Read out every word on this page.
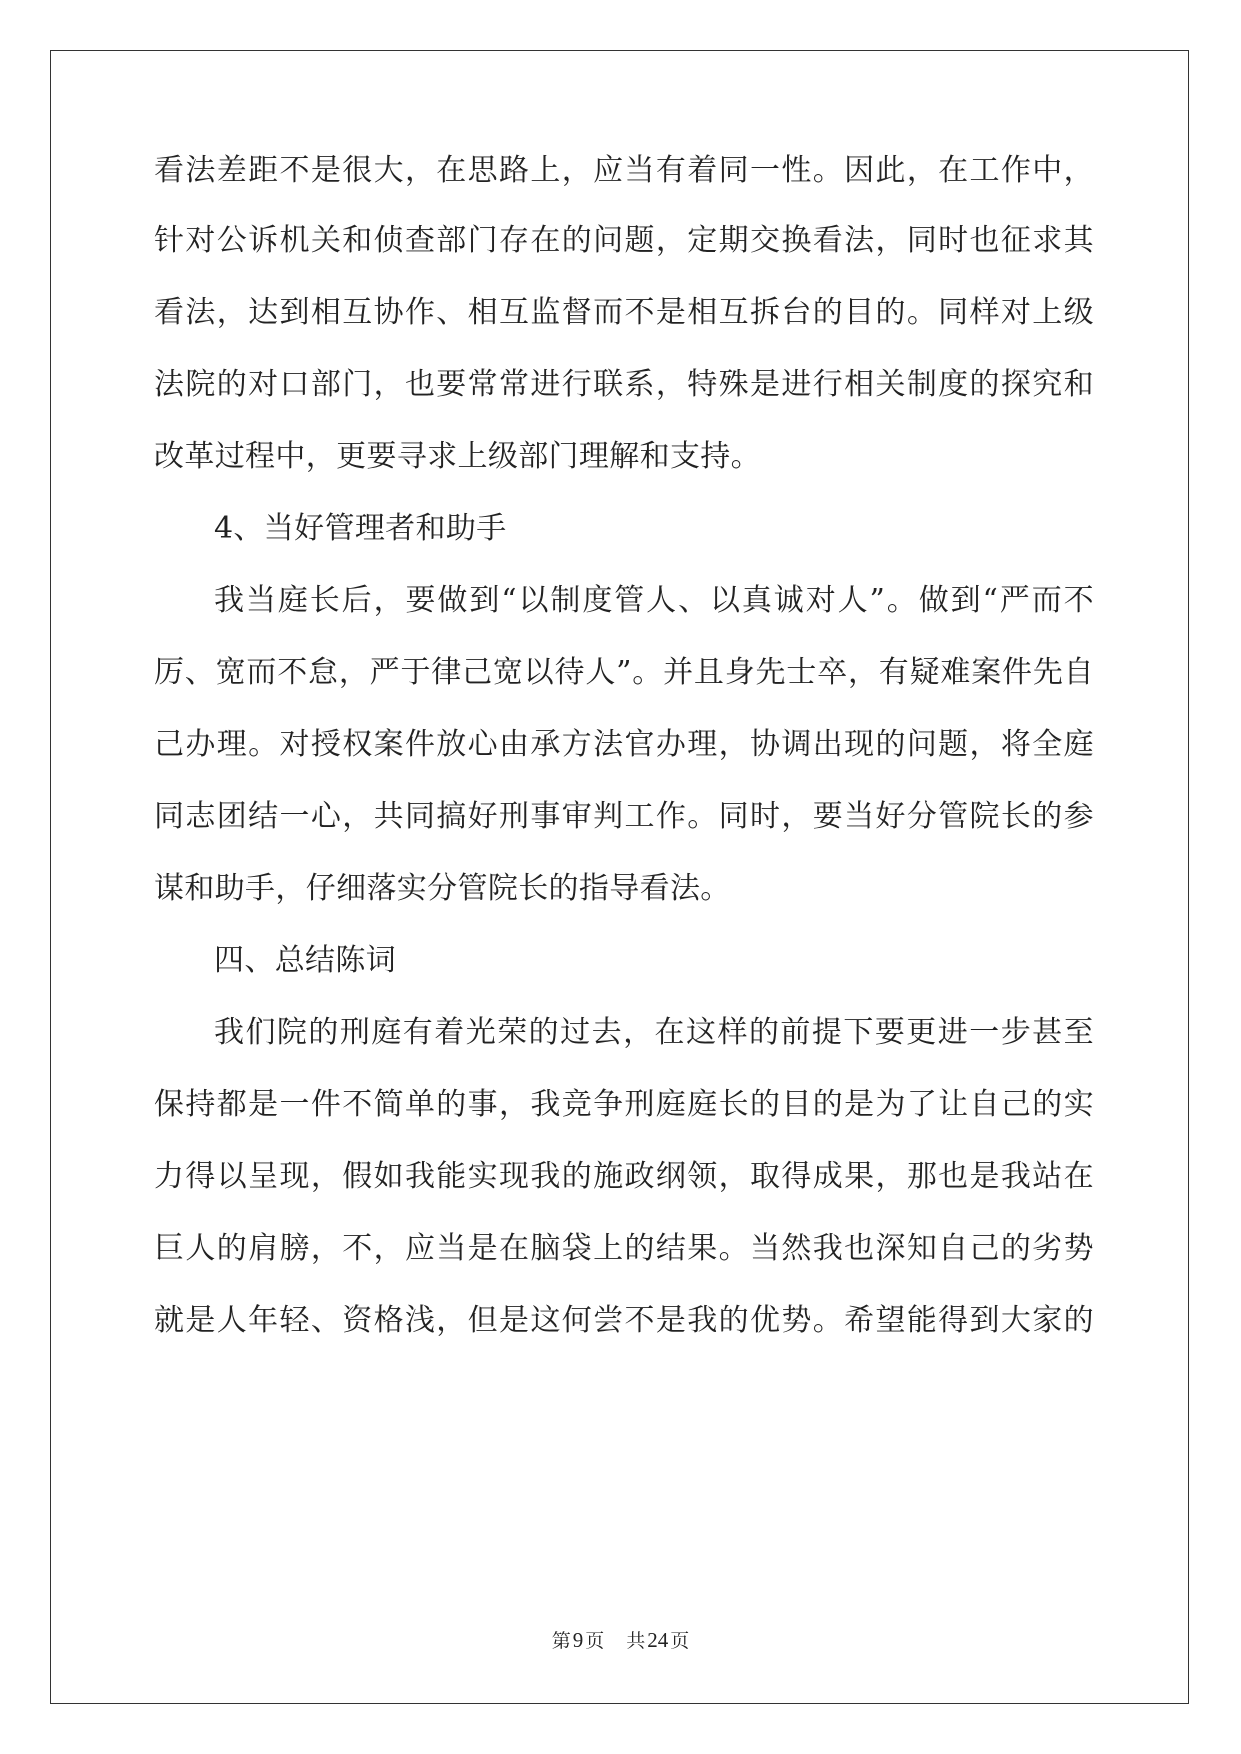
看法差距不是很大，在思路上，应当有着同一性。因此，在工作中，
针对公诉机关和侦查部门存在的问题，定期交换看法，同时也征求其
看法，达到相互协作、相互监督而不是相互拆台的目的。同样对上级
法院的对口部门，也要常常进行联系，特殊是进行相关制度的探究和
改革过程中，更要寻求上级部门理解和支持。
4、当好管理者和助手
我当庭长后，要做到“以制度管人、以真诚对人”。做到“严而不
厉、宽而不怠，严于律己宽以待人”。并且身先士卒，有疑难案件先自
己办理。对授权案件放心由承方法官办理，协调出现的问题，将全庭
同志团结一心，共同搞好刑事审判工作。同时，要当好分管院长的参
谋和助手，仔细落实分管院长的指导看法。
四、总结陈词
我们院的刑庭有着光荣的过去，在这样的前提下要更进一步甚至
保持都是一件不简单的事，我竞争刑庭庭长的目的是为了让自己的实
力得以呈现，假如我能实现我的施政纲领，取得成果，那也是我站在
巨人的肩膀，不，应当是在脑袋上的结果。当然我也深知自己的劣势
就是人年轻、资格浅，但是这何尝不是我的优势。希望能得到大家的
第9 页 共24 页
